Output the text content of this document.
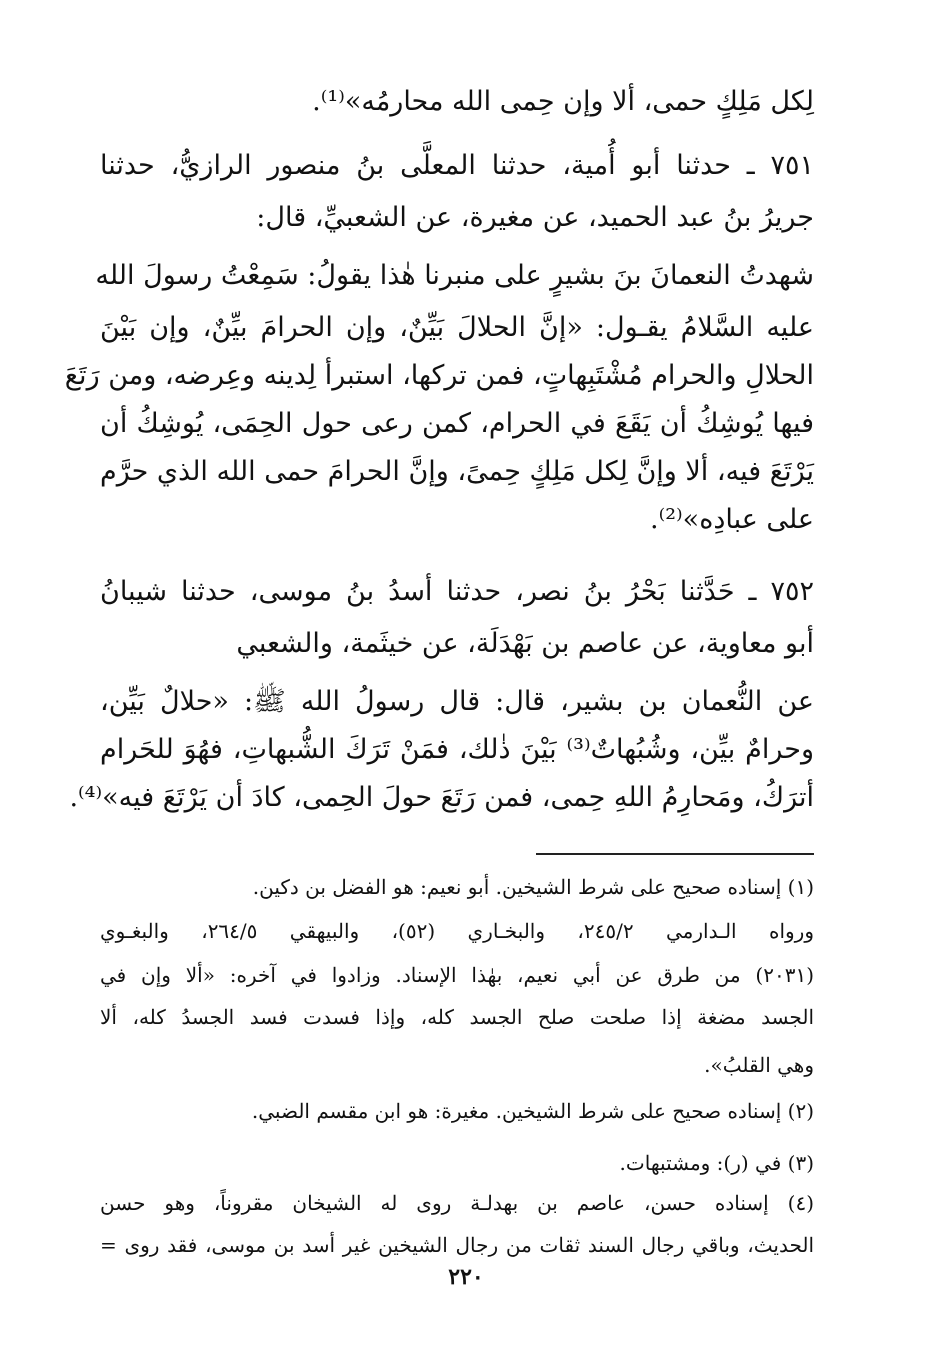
لِكل مَلِكٍ حمى، ألا وإن حِمى الله محارمُه»⁽¹⁾.
٧٥١ ـ حدثنا أبو أُمية، حدثنا المعلَّى بنُ منصور الرازيُّ، حدثنا
جريرُ بنُ عبد الحميد، عن مغيرة، عن الشعبيِّ، قال:
شهدتُ النعمانَ بنَ بشيرٍ على منبرنا هٰذا يقولُ: سَمِعْتُ رسولَ الله
عليه السَّلامُ يقـول: «إنَّ الحلالَ بَيِّنٌ، وإن الحرامَ بيِّنٌ، وإن بَيْنَ
الحلالِ والحرام مُشْتَبِهاتٍ، فمن تركها، استبرأ لِدينه وعِرضه، ومن رَتَعَ
فيها يُوشِكُ أن يَقَعَ في الحرام، كمن رعى حول الحِمَى، يُوشِكُ أن
يَرْتَعَ فيه، ألا وإنَّ لِكل مَلِكٍ حِمىً، وإنَّ الحرامَ حمى الله الذي حرَّم
على عبادِه»⁽²⁾.
٧٥٢ ـ حَدَّثنا بَحْرُ بنُ نصر، حدثنا أسدُ بنُ موسى، حدثنا شيبانُ
أبو معاوية، عن عاصم بن بَهْدَلَة، عن خيثَمة، والشعبي
عن النُّعمان بن بشير، قال: قال رسولُ الله ﷺ: «حلالٌ بَيِّن،
وحرامٌ بيِّن، وشُبُهاتٌ⁽³⁾ بَيْنَ ذٰلك، فمَنْ تَرَكَ الشُّبهاتِ، فهُوَ للحَرام
أترَكُ، ومَحارِمُ اللهِ حِمى، فمن رَتَعَ حولَ الحِمى، كادَ أن يَرْتَعَ فيه»⁽⁴⁾.
(١) إسناده صحيح على شرط الشيخين. أبو نعيم: هو الفضل بن دكين.
ورواه الـدارمي ٢٤٥/٢، والبخـاري (٥٢)، والبيهقي ٢٦٤/٥، والبغـوي
(٢٠٣١) من طرق عن أبي نعيم، بهٰذا الإسناد. وزادوا في آخره: «ألا وإن في
الجسد مضغة إذا صلحت صلح الجسد كله، وإذا فسدت فسد الجسدُ كله، ألا
وهي القلبُ».
(٢) إسناده صحيح على شرط الشيخين. مغيرة: هو ابن مقسم الضبي.
(٣) في (ر): ومشتبهات.
(٤) إسناده حسن، عاصم بن بهدلـة روى له الشيخان مقروناً، وهو حسن
الحديث، وباقي رجال السند ثقات من رجال الشيخين غير أسد بن موسى، فقد روى =
٢٢٠
